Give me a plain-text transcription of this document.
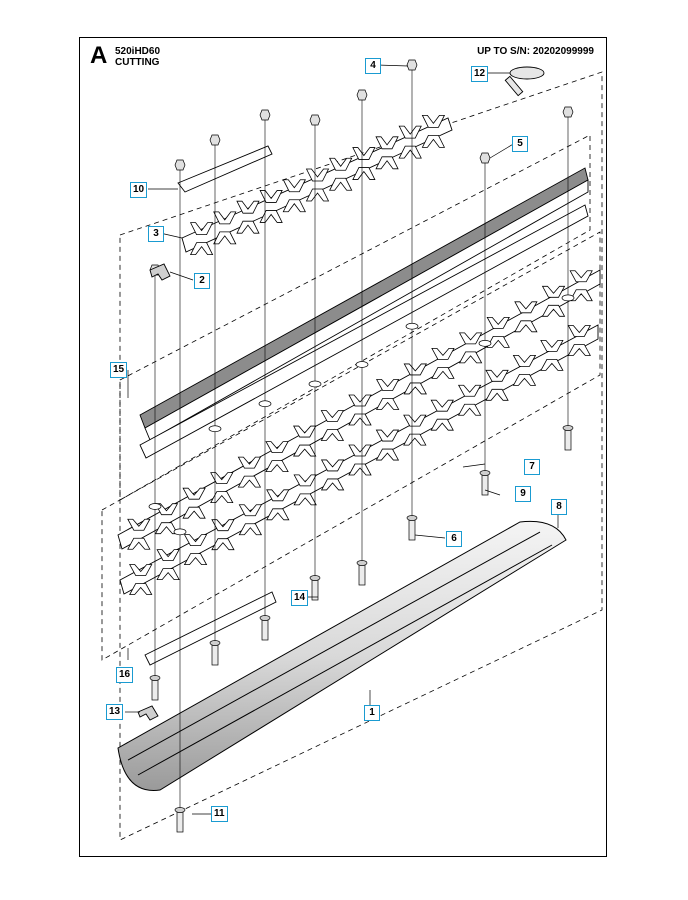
A 520iHD60
CUTTING
UP TO S/N: 20202099999
1
2
3
4
5
6
7
8
9
10
11
12
13
14
15
16
